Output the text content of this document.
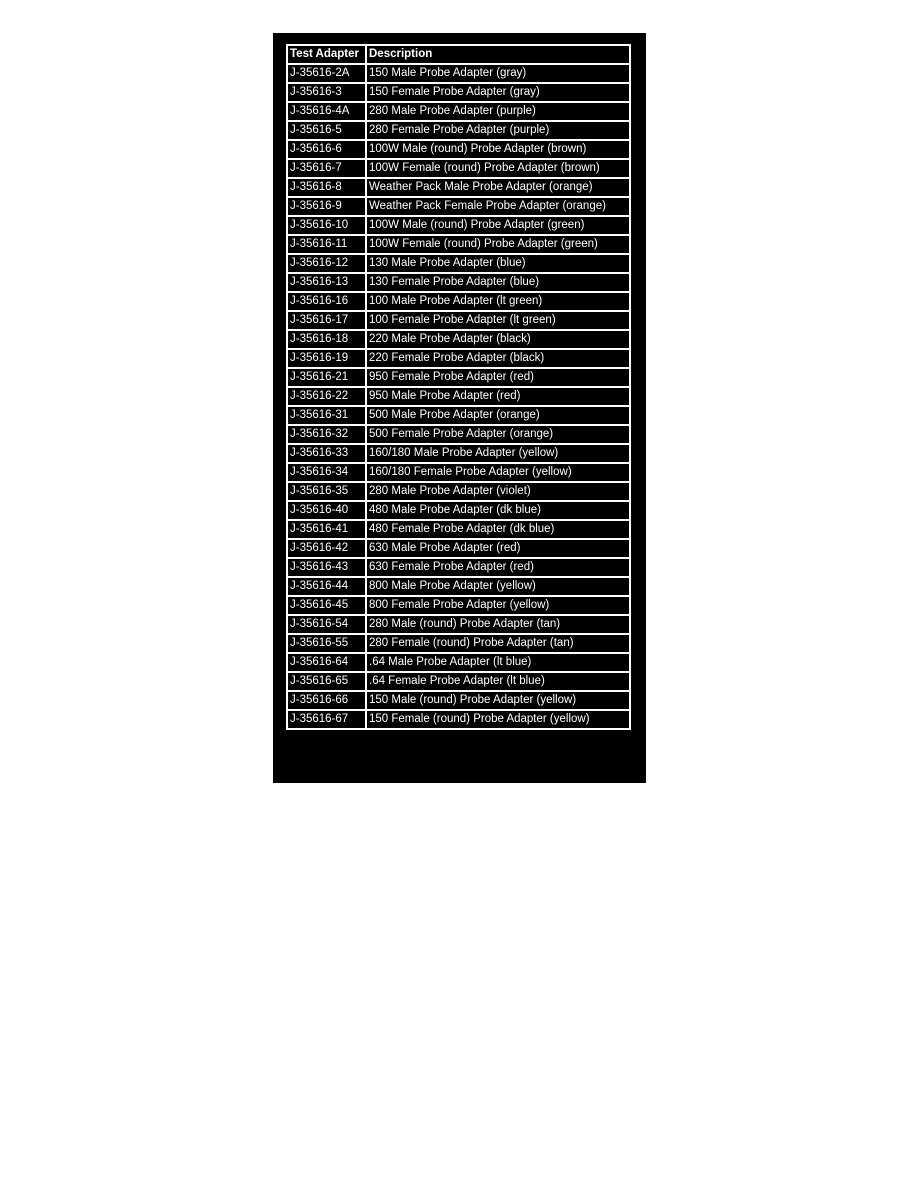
Test Adapter	Description
J-35616-2A	150 Male Probe Adapter (gray)
J-35616-3	150 Female Probe Adapter (gray)
J-35616-4A	280 Male Probe Adapter (purple)
J-35616-5	280 Female Probe Adapter (purple)
J-35616-6	100W Male (round) Probe Adapter (brown)
J-35616-7	100W Female (round) Probe Adapter (brown)
J-35616-8	Weather Pack Male Probe Adapter (orange)
J-35616-9	Weather Pack Female Probe Adapter (orange)
J-35616-10	100W Male (round) Probe Adapter (green)
J-35616-11	100W Female (round) Probe Adapter (green)
J-35616-12	130 Male Probe Adapter (blue)
J-35616-13	130 Female Probe Adapter (blue)
J-35616-16	100 Male Probe Adapter (lt green)
J-35616-17	100 Female Probe Adapter (lt green)
J-35616-18	220 Male Probe Adapter (black)
J-35616-19	220 Female Probe Adapter (black)
J-35616-21	950 Female Probe Adapter (red)
J-35616-22	950 Male Probe Adapter (red)
J-35616-31	500 Male Probe Adapter (orange)
J-35616-32	500 Female Probe Adapter (orange)
J-35616-33	160/180 Male Probe Adapter (yellow)
J-35616-34	160/180 Female Probe Adapter (yellow)
J-35616-35	280 Male Probe Adapter (violet)
J-35616-40	480 Male Probe Adapter (dk blue)
J-35616-41	480 Female Probe Adapter (dk blue)
J-35616-42	630 Male Probe Adapter (red)
J-35616-43	630 Female Probe Adapter (red)
J-35616-44	800 Male Probe Adapter (yellow)
J-35616-45	800 Female Probe Adapter (yellow)
J-35616-54	280 Male (round) Probe Adapter (tan)
J-35616-55	280 Female (round) Probe Adapter (tan)
J-35616-64	.64 Male Probe Adapter (lt blue)
J-35616-65	.64 Female Probe Adapter (lt blue)
J-35616-66	150 Male (round) Probe Adapter (yellow)
J-35616-67	150 Female (round) Probe Adapter (yellow)
